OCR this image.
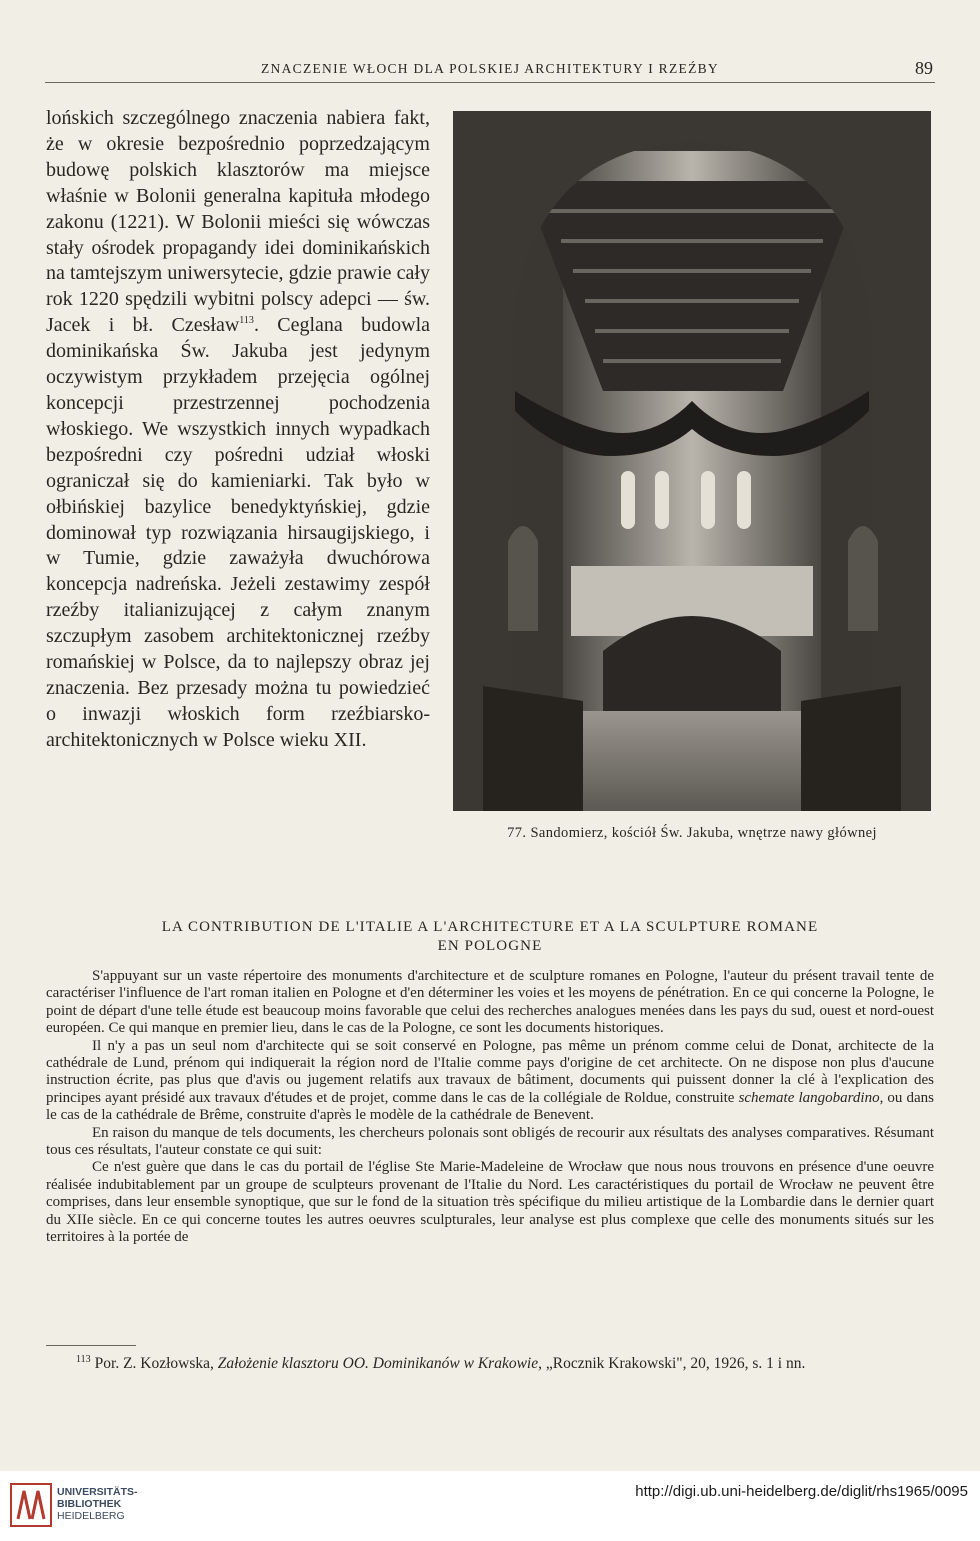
ZNACZENIE WŁOCH DLA POLSKIEJ ARCHITEKTURY I RZEŹBY	89

lońskich szczególnego znaczenia nabiera fakt, że w okresie bezpośrednio poprzedzającym budowę polskich klasztorów ma miejsce właśnie w Bolonii generalna kapituła młodego zakonu (1221). W Bolonii mieści się wówczas stały ośrodek propagandy idei dominikańskich na tamtejszym uniwersytecie, gdzie prawie cały rok 1220 spędzili wybitni polscy adepci — św. Jacek i bł. Czesław$^{113}$. Ceglana budowla dominikańska Św. Jakuba jest jedynym oczywistym przykładem przejęcia ogólnej koncepcji przestrzennej pochodzenia włoskiego. We wszystkich innych wypadkach bezpośredni czy pośredni udział włoski ograniczał się do kamieniarki. Tak było w ołbińskiej bazylice benedyktyńskiej, gdzie dominował typ rozwiązania hirsaugijskiego, i w Tumie, gdzie zaważyła dwuchórowa koncepcja nadreńska. Jeżeli zestawimy zespół rzeźby italianizującej z całym znanym szczupłym zasobem architektonicznej rzeźby romańskiej w Polsce, da to najlepszy obraz jej znaczenia. Bez przesady można tu powiedzieć o inwazji włoskich form rzeźbiarsko-architektonicznych w Polsce wieku XII.

77. Sandomierz, kościół Św. Jakuba, wnętrze nawy głównej
LA CONTRIBUTION DE L'ITALIE A L'ARCHITECTURE ET A LA SCULPTURE ROMANE
EN POLOGNE

S'appuyant sur un vaste répertoire des monuments d'architecture et de sculpture romanes en Pologne, l'auteur du présent travail tente de caractériser l'influence de l'art roman italien en Pologne et d'en déterminer les voies et les moyens de pénétration. En ce qui concerne la Pologne, le point de départ d'une telle étude est beaucoup moins favorable que celui des recherches analogues menées dans les pays du sud, ouest et nord-ouest européen. Ce qui manque en premier lieu, dans le cas de la Pologne, ce sont les documents historiques.

Il n'y a pas un seul nom d'architecte qui se soit conservé en Pologne, pas même un prénom comme celui de Donat, architecte de la cathédrale de Lund, prénom qui indiquerait la région nord de l'Italie comme pays d'origine de cet architecte. On ne dispose non plus d'aucune instruction écrite, pas plus que d'avis ou jugement relatifs aux travaux de bâtiment, documents qui puissent donner la clé à l'explication des principes ayant présidé aux travaux d'études et de projet, comme dans le cas de la collégiale de Roldue, construite schemate langobardino, ou dans le cas de la cathédrale de Brême, construite d'après le modèle de la cathédrale de Benevent.

En raison du manque de tels documents, les chercheurs polonais sont obligés de recourir aux résultats des analyses comparatives. Résumant tous ces résultats, l'auteur constate ce qui suit:

Ce n'est guère que dans le cas du portail de l'église Ste Marie-Madeleine de Wrocław que nous nous trouvons en présence d'une oeuvre réalisée indubitablement par un groupe de sculpteurs provenant de l'Italie du Nord. Les caractéristiques du portail de Wrocław ne peuvent être comprises, dans leur ensemble synoptique, que sur le fond de la situation très spécifique du milieu artistique de la Lombardie dans le dernier quart du XIIe siècle. En ce qui concerne toutes les autres oeuvres sculpturales, leur analyse est plus complexe que celle des monuments situés sur les territoires à la portée de

$^{113}$ Por. Z. Kozłowska, Założenie klasztoru OO. Dominikanów w Krakowie, „Rocznik Krakowski", 20, 1926, s. 1 i nn.
UNIVERSITÄTS-
BIBLIOTHEK
HEIDELBERG
http://digi.ub.uni-heidelberg.de/diglit/rhs1965/0095
